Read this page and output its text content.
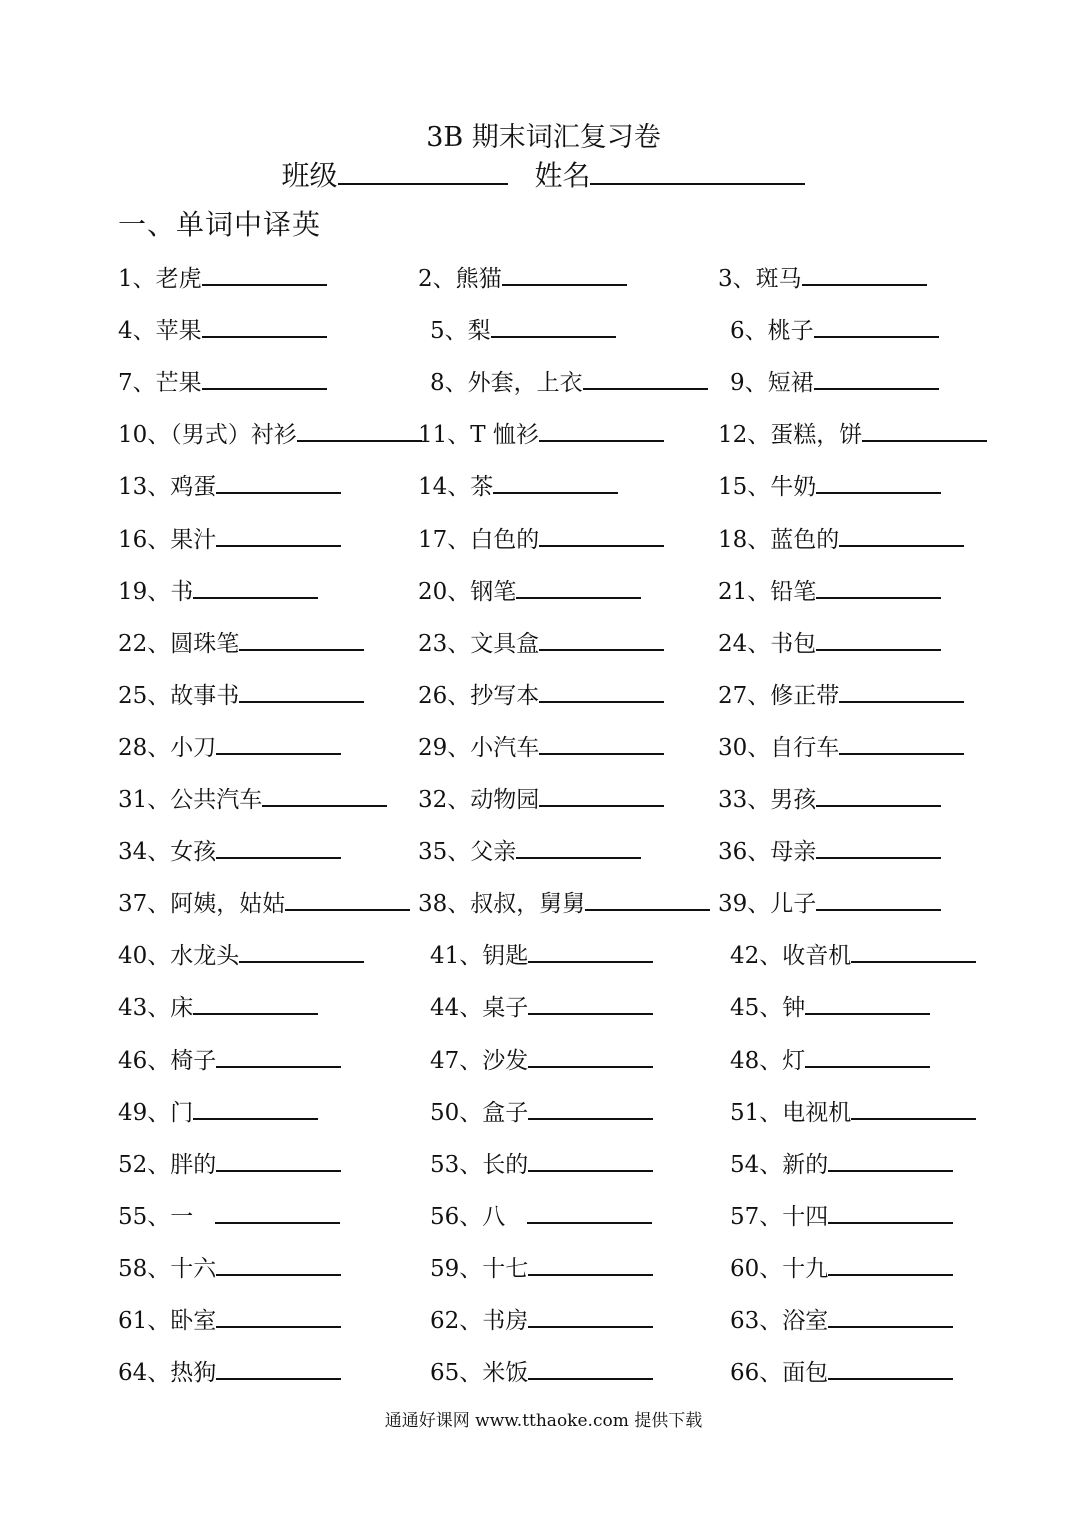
3B 期末词汇复习卷
班级	姓名
一、单词中译英
1、老虎	2、熊猫	3、斑马
4、苹果	5、梨	6、桃子
7、芒果	8、外套，上衣	9、短裙
10、（男式）衬衫	11、T 恤衫	12、蛋糕，饼
13、鸡蛋	14、茶	15、牛奶
16、果汁	17、白色的	18、蓝色的
19、书	20、钢笔	21、铅笔
22、圆珠笔	23、文具盒	24、书包
25、故事书	26、抄写本	27、修正带
28、小刀	29、小汽车	30、自行车
31、公共汽车	32、动物园	33、男孩
34、女孩	35、父亲	36、母亲
37、阿姨，姑姑	38、叔叔，舅舅	39、儿子
40、水龙头	41、钥匙	42、收音机
43、床	44、桌子	45、钟
46、椅子	47、沙发	48、灯
49、门	50、盒子	51、电视机
52、胖的	53、长的	54、新的
55、一	56、八	57、十四
58、十六	59、十七	60、十九
61、卧室	62、书房	63、浴室
64、热狗	65、米饭	66、面包
通通好课网 www.tthaoke.com 提供下载
